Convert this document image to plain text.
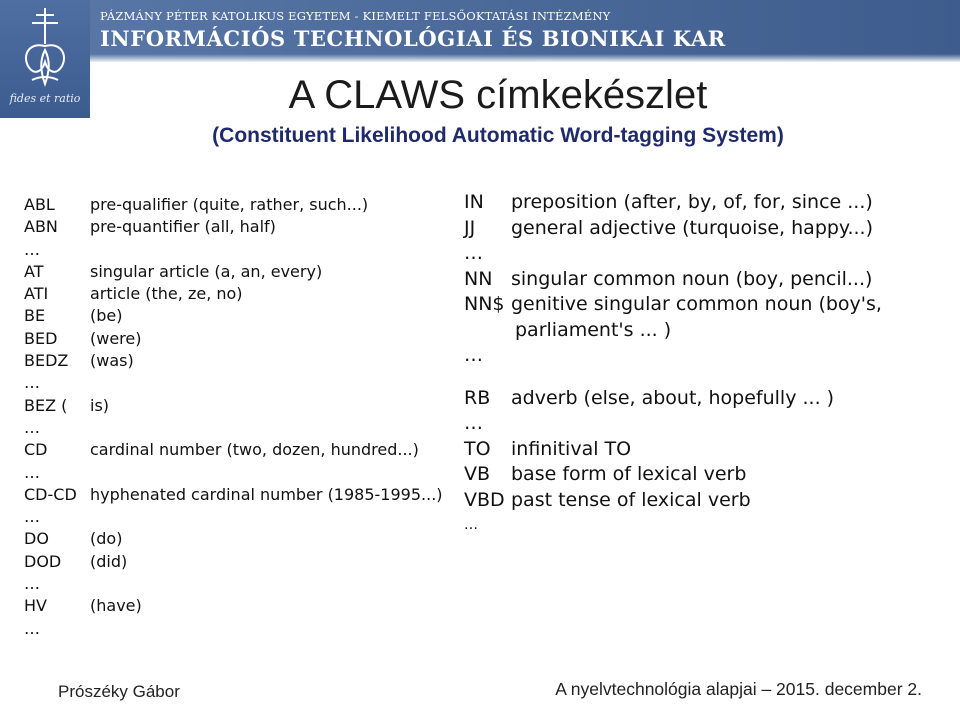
fides et ratio
PÁZMÁNY PÉTER KATOLIKUS EGYETEM - KIEMELT FELSŐOKTATÁSI INTÉZMÉNY
INFORMÁCIÓS TECHNOLÓGIAI ÉS BIONIKAI KAR
A CLAWS címkekészlet
(Constituent Likelihood Automatic Word-tagging System)
ABL pre-qualifier (quite, rather, such...)
ABN pre-quantifier (all, half)
…
AT	singular article (a, an, every)
ATI	article (the, ze, no)
BE	(be)
BED (were)
BEDZ (was)
…
BEZ ( is)
…
CD	cardinal number (two, dozen, hundred...)
…
CD-CD hyphenated cardinal number (1985-1995...)
…
DO	(do)
DOD (did)
…
HV	(have)
…
IN preposition (after, by, of, for, since ...)
JJ general adjective (turquoise, happy...)
…
NN singular common noun (boy, pencil...)
NN$ genitive singular common noun (boy's,
parliament's ... )
…
RB adverb (else, about, hopefully ... )
…
TO infinitival TO
VB base form of lexical verb
VBD past tense of lexical verb
…
Prószéky Gábor	A nyelvtechnológia alapjai – 2015. december 2.
